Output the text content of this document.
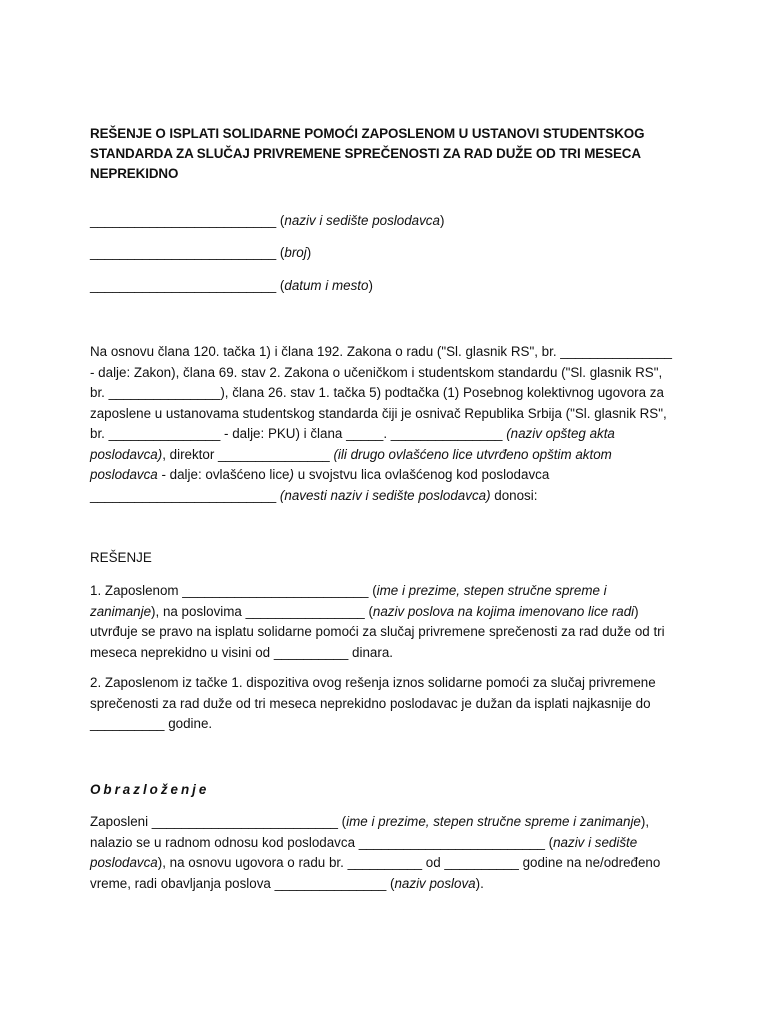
REŠENJE O ISPLATI SOLIDARNE POMOĆI ZAPOSLENOM U USTANOVI STUDENTSKOG STANDARDA ZA SLUČAJ PRIVREMENE SPREČENOSTI ZA RAD DUŽE OD TRI MESECA NEPREKIDNO
_________________________ (naziv i sedište poslodavca)
_________________________ (broj)
_________________________ (datum i mesto)
Na osnovu člana 120. tačka 1) i člana 192. Zakona o radu ("Sl. glasnik RS", br. _______________ - dalje: Zakon), člana 69. stav 2. Zakona o učeničkom i studentskom standardu ("Sl. glasnik RS", br. _______________), člana 26. stav 1. tačka 5) podtačka (1) Posebnog kolektivnog ugovora za zaposlene u ustanovama studentskog standarda čiji je osnivač Republika Srbija ("Sl. glasnik RS", br. _______________ - dalje: PKU) i člana _____. _______________ (naziv opšteg akta poslodavca), direktor _______________ (ili drugo ovlašćeno lice utvrđeno opštim aktom poslodavca - dalje: ovlašćeno lice) u svojstvu lica ovlašćenog kod poslodavca _________________________ (navesti naziv i sedište poslodavca) donosi:
REŠENJE
1. Zaposlenom _________________________ (ime i prezime, stepen stručne spreme i zanimanje), na poslovima ________________ (naziv poslova na kojima imenovano lice radi) utvrđuje se pravo na isplatu solidarne pomoći za slučaj privremene sprečenosti za rad duže od tri meseca neprekidno u visini od __________ dinara.
2. Zaposlenom iz tačke 1. dispozitiva ovog rešenja iznos solidarne pomoći za slučaj privremene sprečenosti za rad duže od tri meseca neprekidno poslodavac je dužan da isplati najkasnije do __________ godine.
Obrazloženje
Zaposleni _________________________ (ime i prezime, stepen stručne spreme i zanimanje), nalazio se u radnom odnosu kod poslodavca _________________________ (naziv i sedište poslodavca), na osnovu ugovora o radu br. __________ od __________ godine na ne/određeno vreme, radi obavljanja poslova _______________ (naziv poslova).
